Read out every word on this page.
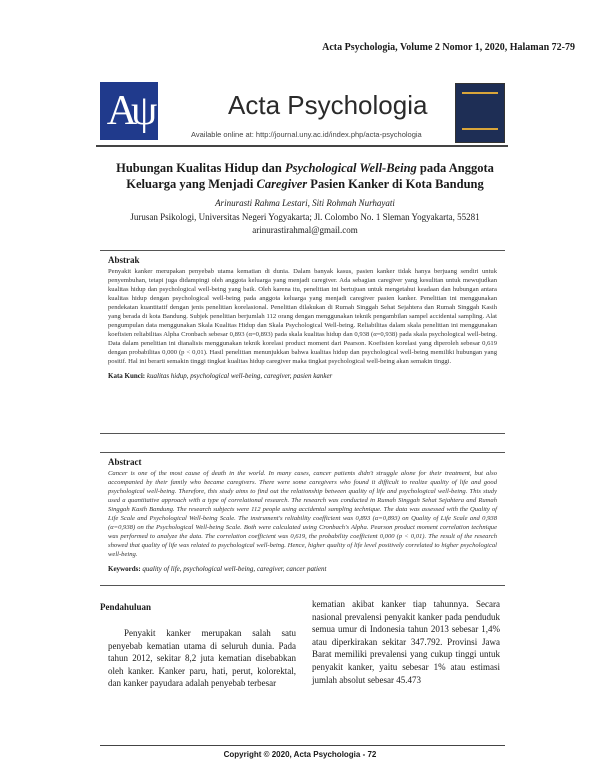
Acta Psychologia, Volume 2 Nomor 1, 2020, Halaman 72-79
Aψ	Acta Psychologia
Available online at: http://journal.uny.ac.id/index.php/acta-psychologia
Hubungan Kualitas Hidup dan Psychological Well-Being pada Anggota Keluarga yang Menjadi Caregiver Pasien Kanker di Kota Bandung
Arinurasti Rahma Lestari, Siti Rohmah Nurhayati
Jurusan Psikologi, Universitas Negeri Yogyakarta; Jl. Colombo No. 1 Sleman Yogyakarta, 55281
arinurastirahmal@gmail.com
Abstrak
Penyakit kanker merupakan penyebab utama kematian di dunia. Dalam banyak kasus, pasien kanker tidak hanya berjuang sendiri untuk penyembuhan, tetapi juga didampingi oleh anggota keluarga yang menjadi caregiver. Ada sebagian caregiver yang kesulitan untuk mewujudkan kualitas hidup dan psychological well-being yang baik. Oleh karena itu, penelitian ini bertujuan untuk mengetahui keadaan dan hubungan antara kualitas hidup dengan psychological well-being pada anggota keluarga yang menjadi caregiver pasien kanker. Penelitian ini menggunakan pendekatan kuantitatif dengan jenis penelitian korelasional. Penelitian dilakukan di Rumah Singgah Sehat Sejahtera dan Rumah Singgah Kasih yang berada di kota Bandung. Subjek penelitian berjumlah 112 orang dengan menggunakan teknik pengambilan sampel accidental sampling. Alat pengumpulan data menggunakan Skala Kualitas Hidup dan Skala Psychological Well-being. Reliabilitas dalam skala penelitian ini menggunakan koefisien reliabilitas Alpha Cronbach sebesar 0,893 (α=0,893) pada skala kualitas hidup dan 0,938 (α=0,938) pada skala psychological well-being. Data dalam penelitian ini dianalisis menggunakan teknik korelasi product moment dari Pearson. Koefisien korelasi yang diperoleh sebesar 0,619 dengan probabilitas 0,000 (p < 0,01). Hasil penelitian menunjukkan bahwa kualitas hidup dan psychological well-being memiliki hubungan yang positif. Hal ini berarti semakin tinggi tingkat kualitas hidup caregiver maka tingkat psychological well-being akan semakin tinggi.
Kata Kunci: kualitas hidup, psychological well-being, caregiver, pasien kanker
Abstract
Cancer is one of the most cause of death in the world. In many cases, cancer patients didn't struggle alone for their treatment, but also accompanied by their family who became caregivers. There were some caregivers who found it difficult to realize quality of life and good psychological well-being. Therefore, this study aims to find out the relationship between quality of life and psychological well-being. This study used a quantitative approach with a type of correlational research. The research was conducted in Rumah Singgah Sehat Sejahtera and Rumah Singgah Kasih Bandung. The research subjects were 112 people using accidental sampling technique. The data was assessed with the Quality of Life Scale and Psychological Well-being Scale. The instrument's reliability coefficient was 0,893 (α=0,893) on Quality of Life Scale and 0,938 (α=0,938) on the Psychological Well-being Scale. Both were calculated using Cronbach's Alpha. Pearson product moment correlation technique was performed to analyze the data. The correlation coefficient was 0,619, the probability coefficient 0,000 (p < 0,01). The result of the research showed that quality of life was related to psychological well-being. Hence, higher quality of life level positively correlated to higher psychological well-being.
Keywords: quality of life, psychological well-being, caregiver, cancer patient
Pendahuluan
Penyakit kanker merupakan salah satu penyebab kematian utama di seluruh dunia. Pada tahun 2012, sekitar 8,2 juta kematian disebabkan oleh kanker. Kanker paru, hati, perut, kolorektal, dan kanker payudara adalah penyebab terbesar
kematian akibat kanker tiap tahunnya. Secara nasional prevalensi penyakit kanker pada penduduk semua umur di Indonesia tahun 2013 sebesar 1,4% atau diperkirakan sekitar 347.792. Provinsi Jawa Barat memiliki prevalensi yang cukup tinggi untuk penyakit kanker, yaitu sebesar 1% atau estimasi jumlah absolut sebesar 45.473
Copyright © 2020, Acta Psychologia - 72
